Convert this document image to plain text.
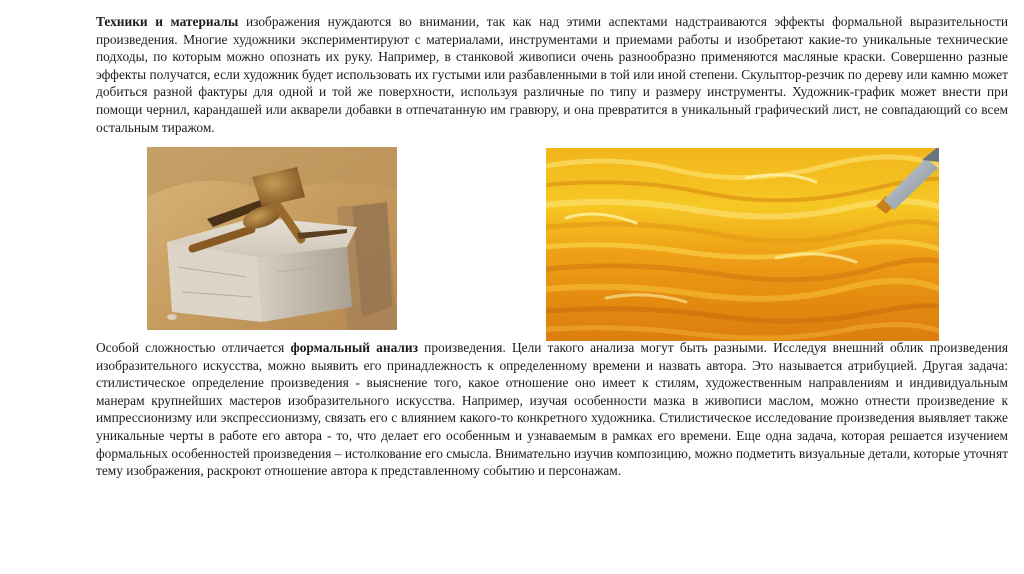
Техники и материалы изображения нуждаются во внимании, так как над этими аспектами надстраиваются эффекты формальной выразительности произведения. Многие художники экспериментируют с материалами, инструментами и приемами работы и изобретают какие-то уникальные технические подходы, по которым можно опознать их руку. Например, в станковой живописи очень разнообразно применяются масляные краски. Совершенно разные эффекты получатся, если художник будет использовать их густыми или разбавленными в той или иной степени. Скульптор-резчик по дереву или камню может добиться разной фактуры для одной и той же поверхности, используя различные по типу и размеру инструменты. Художник-график может внести при помощи чернил, карандашей или акварели добавки в отпечатанную им гравюру, и она превратится в уникальный графический лист, не совпадающий со всем остальным тиражом.

Особой сложностью отличается формальный анализ произведения. Цели такого анализа могут быть разными. Исследуя внешний облик произведения изобразительного искусства, можно выявить его принадлежность к определенному времени и назвать автора. Это называется атрибуцией. Другая задача: стилистическое определение произведения - выяснение того, какое отношение оно имеет к стилям, художественным направлениям и индивидуальным манерам крупнейших мастеров изобразительного искусства. Например, изучая особенности мазка в живописи маслом, можно отнести произведение к импрессионизму или экспрессионизму, связать его с влиянием какого-то конкретного художника. Стилистическое исследование произведения выявляет также уникальные черты в работе его автора - то, что делает его особенным и узнаваемым в рамках его времени. Еще одна задача, которая решается изучением формальных особенностей произведения – истолкование его смысла. Внимательно изучив композицию, можно подметить визуальные детали, которые уточнят тему изображения, раскроют отношение автора к представленному событию и персонажам.
